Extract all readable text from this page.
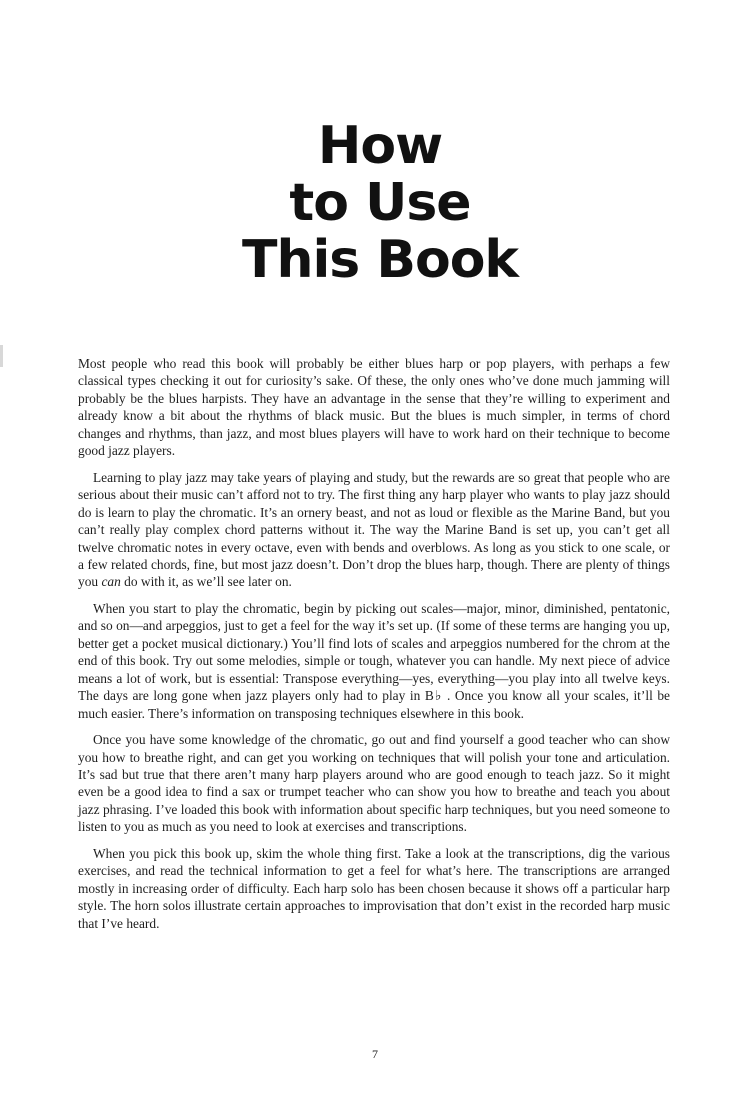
How
to Use
This Book

Most people who read this book will probably be either blues harp or pop players, with perhaps a few classical types checking it out for curiosity’s sake. Of these, the only ones who’ve done much jamming will probably be the blues harpists. They have an advantage in the sense that they’re willing to experiment and already know a bit about the rhythms of black music. But the blues is much simpler, in terms of chord changes and rhythms, than jazz, and most blues players will have to work hard on their technique to become good jazz players.

Learning to play jazz may take years of playing and study, but the rewards are so great that people who are serious about their music can’t afford not to try. The first thing any harp player who wants to play jazz should do is learn to play the chromatic. It’s an ornery beast, and not as loud or flexible as the Marine Band, but you can’t really play complex chord patterns without it. The way the Marine Band is set up, you can’t get all twelve chromatic notes in every octave, even with bends and overblows. As long as you stick to one scale, or a few related chords, fine, but most jazz doesn’t. Don’t drop the blues harp, though. There are plenty of things you can do with it, as we’ll see later on.

When you start to play the chromatic, begin by picking out scales—major, minor, diminished, pentatonic, and so on—and arpeggios, just to get a feel for the way it’s set up. (If some of these terms are hanging you up, better get a pocket musical dictionary.) You’ll find lots of scales and arpeggios numbered for the chrom at the end of this book. Try out some melodies, simple or tough, whatever you can handle. My next piece of advice means a lot of work, but is essential: Transpose everything—yes, everything—you play into all twelve keys. The days are long gone when jazz players only had to play in B♭ . Once you know all your scales, it’ll be much easier. There’s information on transposing techniques elsewhere in this book.

Once you have some knowledge of the chromatic, go out and find yourself a good teacher who can show you how to breathe right, and can get you working on techniques that will polish your tone and articulation. It’s sad but true that there aren’t many harp players around who are good enough to teach jazz. So it might even be a good idea to find a sax or trumpet teacher who can show you how to breathe and teach you about jazz phrasing. I’ve loaded this book with information about specific harp techniques, but you need someone to listen to you as much as you need to look at exercises and transcriptions.

When you pick this book up, skim the whole thing first. Take a look at the transcriptions, dig the various exercises, and read the technical information to get a feel for what’s here. The transcriptions are arranged mostly in increasing order of difficulty. Each harp solo has been chosen because it shows off a particular harp style. The horn solos illustrate certain approaches to improvisation that don’t exist in the recorded harp music that I’ve heard.

7
